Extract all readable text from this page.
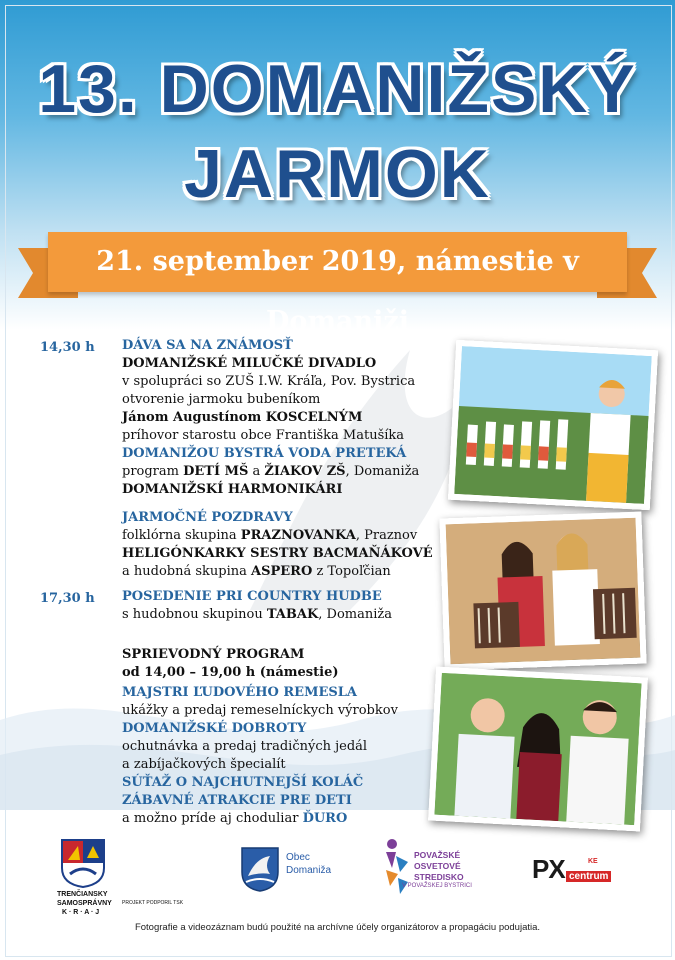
13. DOMANIŽSKÝ
JARMOK
21. september 2019, námestie v Domaniži
14,30 h DÁVA SA NA ZNÁMOSŤ
DOMANIŽSKÉ MILUČKÉ DIVADLO
v spolupráci so ZUŠ I.W. Kráľa, Pov. Bystrica
otvorenie jarmoku bubeníkom
Jánom Augustínom KOSCELNÝM
príhovor starostu obce Františka Matušíka
DOMANIŽOU BYSTRÁ VODA PRETEKÁ
program DETÍ MŠ a ŽIAKOV ZŠ, Domaniža
DOMANIŽSKÍ HARMONIKÁRI
JARMOČNÉ POZDRAVY
folklórna skupina PRAZNOVANKA, Praznov
HELIGÓNKARKY SESTRY BACMAŇÁKOVÉ
a hudobná skupina ASPERO z Topoľčian
17,30 h POSEDENIE PRI COUNTRY HUDBE
s hudobnou skupinou TABAK, Domaniža
SPRIEVODNÝ PROGRAM
od 14,00 – 19,00 h (námestie)
MAJSTRI ĽUDOVÉHO REMESLA
ukážky a predaj remeselníckych výrobkov
DOMANIŽSKÉ DOBROTY
ochutnávka a predaj tradičných jedál
a zabíjačkových špecialít
SÚŤAŽ O NAJCHUTNEJŠÍ KOLÁČ
ZÁBAVNÉ ATRAKCIE PRE DETI
a možno príde aj choduliar ĎURO
TRENČIANSKY
SAMOSPRÁVNY
K · R · A · J
PROJEKT PODPORIL TSK
Obec
Domaniža
POVAŽSKÉ
OSVETOVÉ
STREDISKO
V POVAŽSKEJ BYSTRICI
PX centrum
KE
Fotografie a videozáznam budú použité na archívne účely organizátorov a propagáciu podujatia.
